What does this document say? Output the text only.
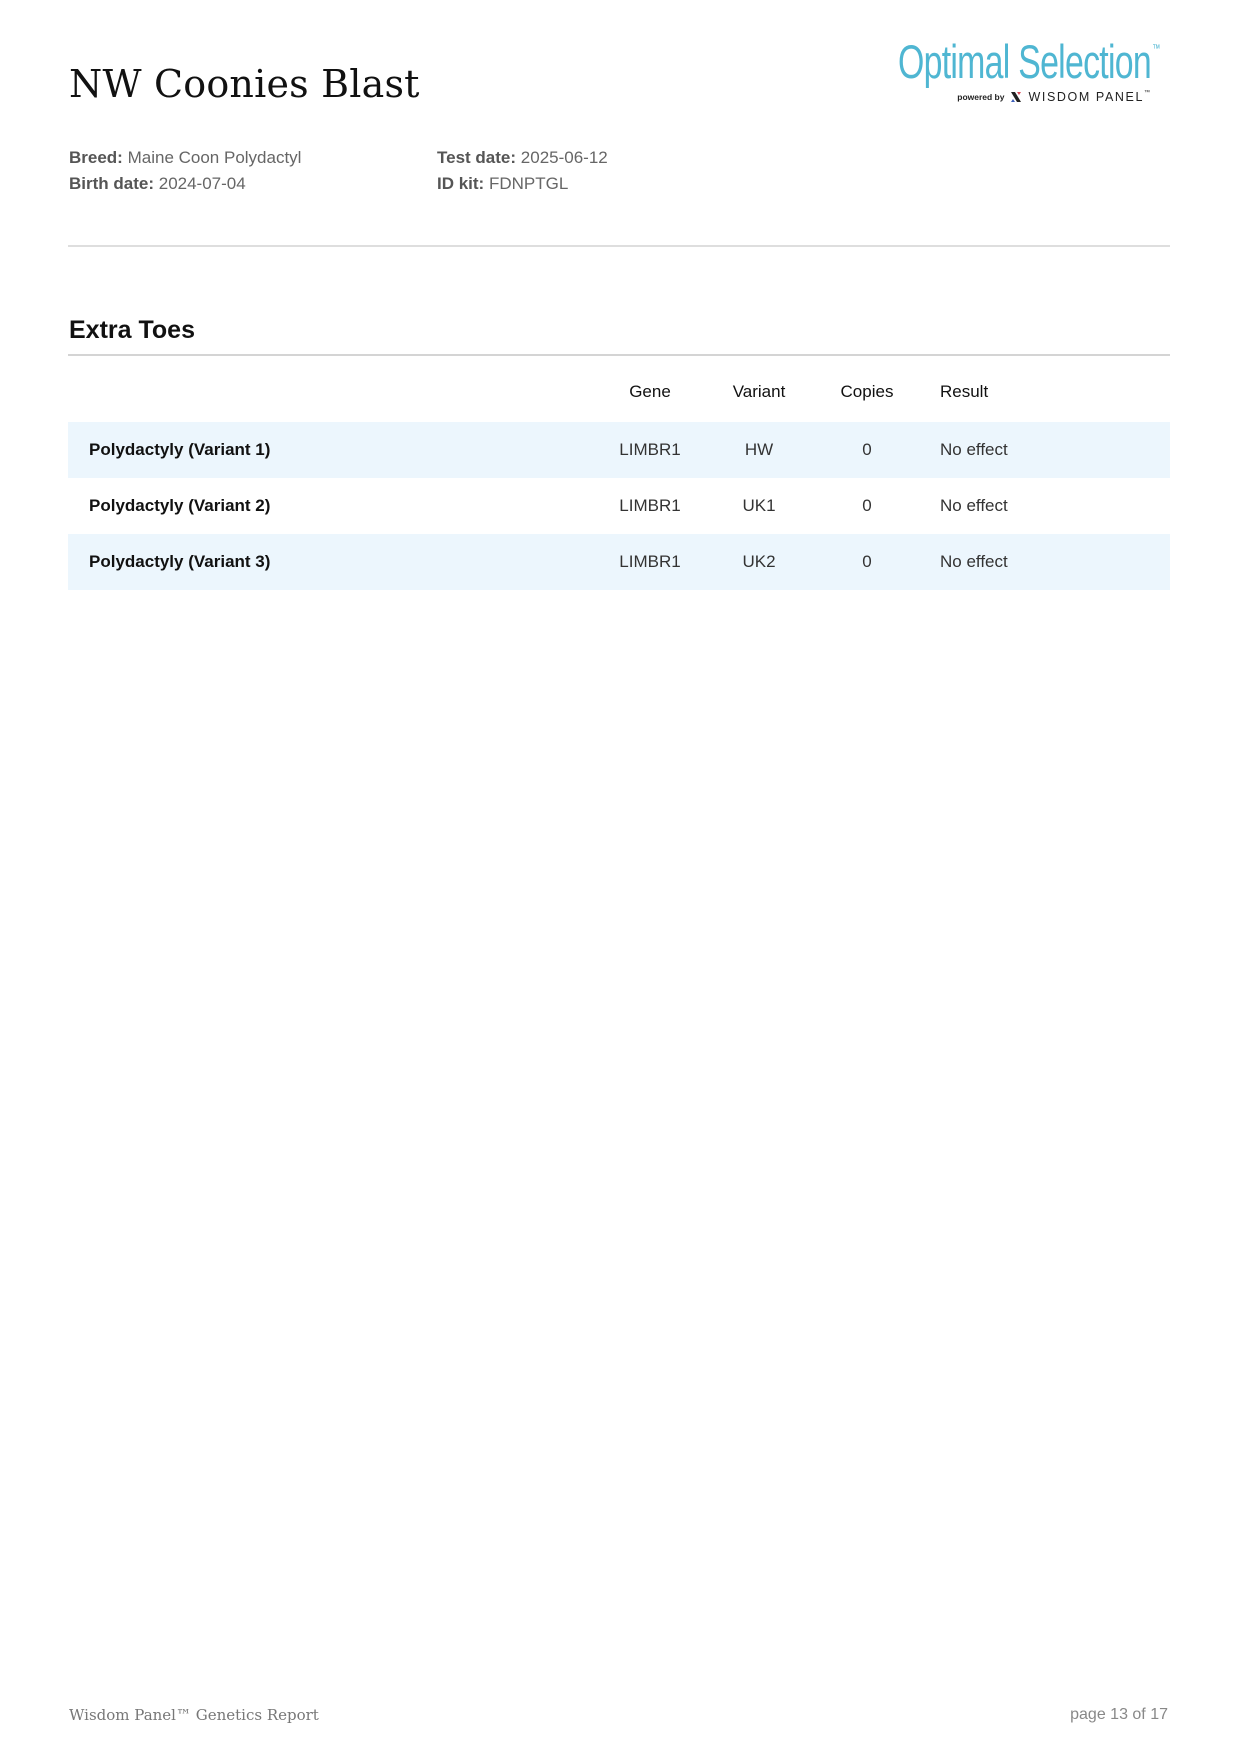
NW Coonies Blast	Optimal Selection™
powered by WISDOM PANEL™
Breed: Maine Coon Polydactyl
Birth date: 2024-07-04
Test date: 2025-06-12
ID kit: FDNPTGL
Extra Toes
	Gene	Variant	Copies	Result
Polydactyly (Variant 1)	LIMBR1	HW	0	No effect
Polydactyly (Variant 2)	LIMBR1	UK1	0	No effect
Polydactyly (Variant 3)	LIMBR1	UK2	0	No effect
Wisdom Panel™ Genetics Report	page 13 of 17
